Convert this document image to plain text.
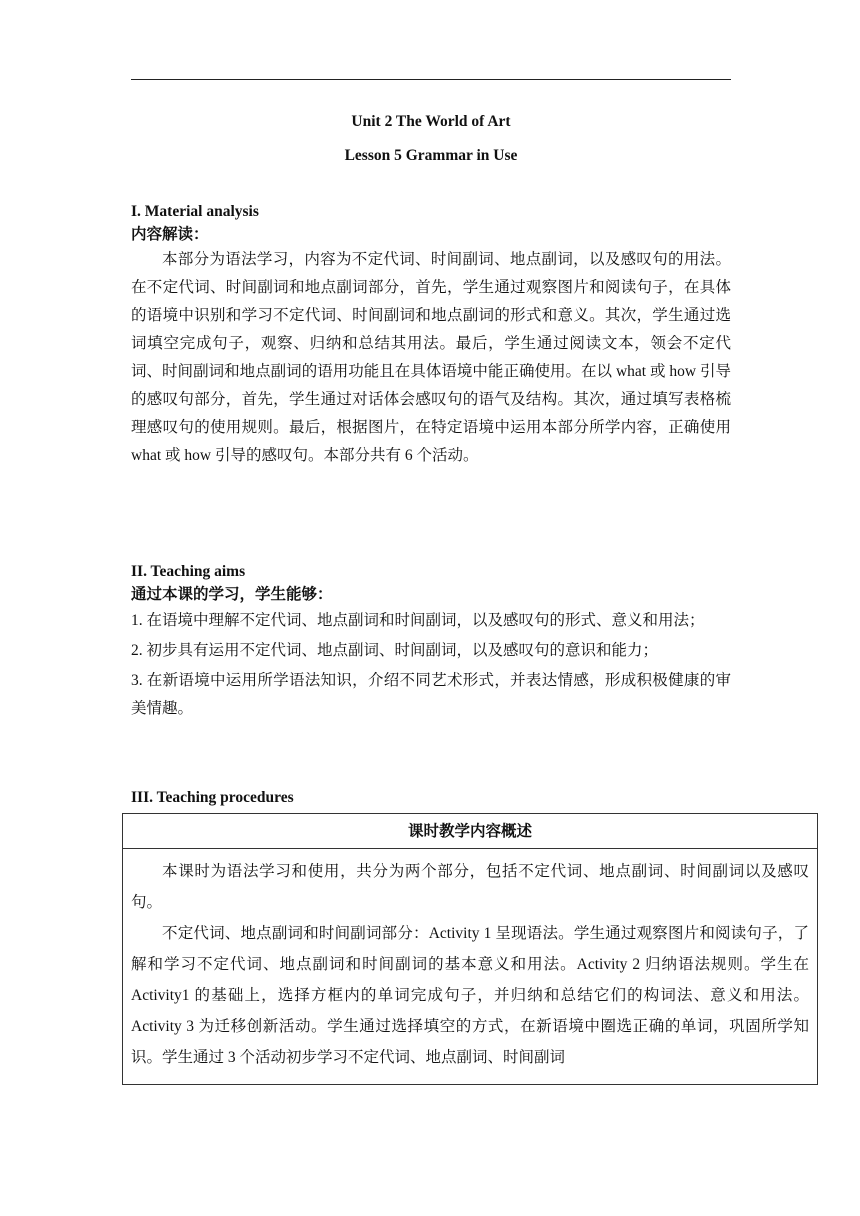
Unit 2 The World of Art
Lesson 5 Grammar in Use
I. Material analysis
内容解读：

本部分为语法学习，内容为不定代词、时间副词、地点副词，以及感叹句的用法。在不定代词、时间副词和地点副词部分，首先，学生通过观察图片和阅读句子，在具体的语境中识别和学习不定代词、时间副词和地点副词的形式和意义。其次，学生通过选词填空完成句子，观察、归纳和总结其用法。最后，学生通过阅读文本，领会不定代词、时间副词和地点副词的语用功能且在具体语境中能正确使用。在以 what 或 how 引导的感叹句部分，首先，学生通过对话体会感叹句的语气及结构。其次，通过填写表格梳理感叹句的使用规则。最后，根据图片，在特定语境中运用本部分所学内容，正确使用 what 或 how 引导的感叹句。本部分共有 6 个活动。

II. Teaching aims
通过本课的学习，学生能够：

1. 在语境中理解不定代词、地点副词和时间副词，以及感叹句的形式、意义和用法；

2. 初步具有运用不定代词、地点副词、时间副词，以及感叹句的意识和能力；

3. 在新语境中运用所学语法知识，介绍不同艺术形式，并表达情感，形成积极健康的审美情趣。

III. Teaching procedures
课时教学内容概述

本课时为语法学习和使用，共分为两个部分，包括不定代词、地点副词、时间副词以及感叹句。

不定代词、地点副词和时间副词部分：Activity 1 呈现语法。学生通过观察图片和阅读句子，了解和学习不定代词、地点副词和时间副词的基本意义和用法。Activity 2 归纳语法规则。学生在 Activity1 的基础上，选择方框内的单词完成句子，并归纳和总结它们的构词法、意义和用法。Activity 3 为迁移创新活动。学生通过选择填空的方式，在新语境中圈选正确的单词，巩固所学知识。学生通过 3 个活动初步学习不定代词、地点副词、时间副词
